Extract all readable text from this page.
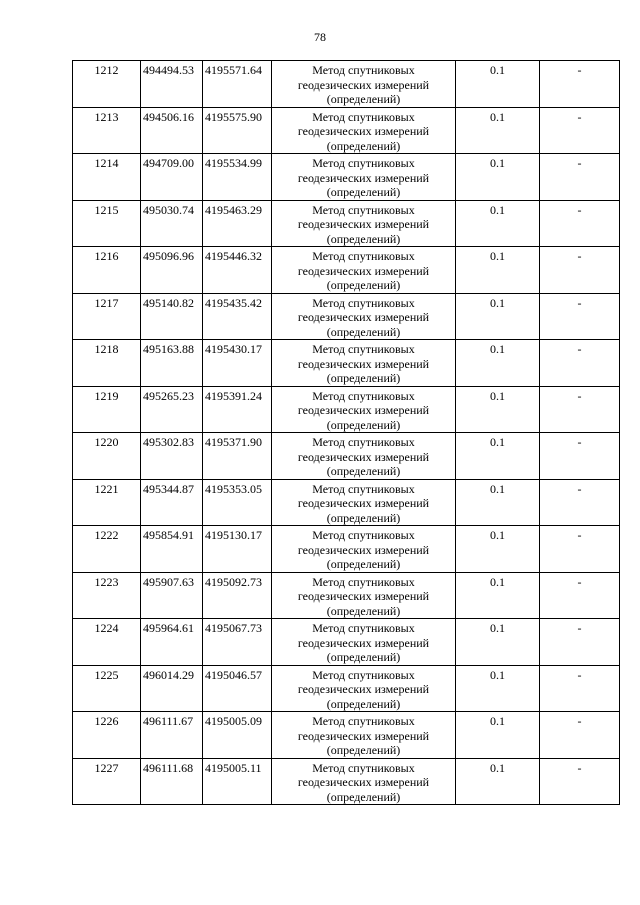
78
1212	494494.53	4195571.64	Метод спутниковых
геодезических измерений
(определений)	0.1	-
1213	494506.16	4195575.90	Метод спутниковых
геодезических измерений
(определений)	0.1	-
1214	494709.00	4195534.99	Метод спутниковых
геодезических измерений
(определений)	0.1	-
1215	495030.74	4195463.29	Метод спутниковых
геодезических измерений
(определений)	0.1	-
1216	495096.96	4195446.32	Метод спутниковых
геодезических измерений
(определений)	0.1	-
1217	495140.82	4195435.42	Метод спутниковых
геодезических измерений
(определений)	0.1	-
1218	495163.88	4195430.17	Метод спутниковых
геодезических измерений
(определений)	0.1	-
1219	495265.23	4195391.24	Метод спутниковых
геодезических измерений
(определений)	0.1	-
1220	495302.83	4195371.90	Метод спутниковых
геодезических измерений
(определений)	0.1	-
1221	495344.87	4195353.05	Метод спутниковых
геодезических измерений
(определений)	0.1	-
1222	495854.91	4195130.17	Метод спутниковых
геодезических измерений
(определений)	0.1	-
1223	495907.63	4195092.73	Метод спутниковых
геодезических измерений
(определений)	0.1	-
1224	495964.61	4195067.73	Метод спутниковых
геодезических измерений
(определений)	0.1	-
1225	496014.29	4195046.57	Метод спутниковых
геодезических измерений
(определений)	0.1	-
1226	496111.67	4195005.09	Метод спутниковых
геодезических измерений
(определений)	0.1	-
1227	496111.68	4195005.11	Метод спутниковых
геодезических измерений
(определений)	0.1	-
